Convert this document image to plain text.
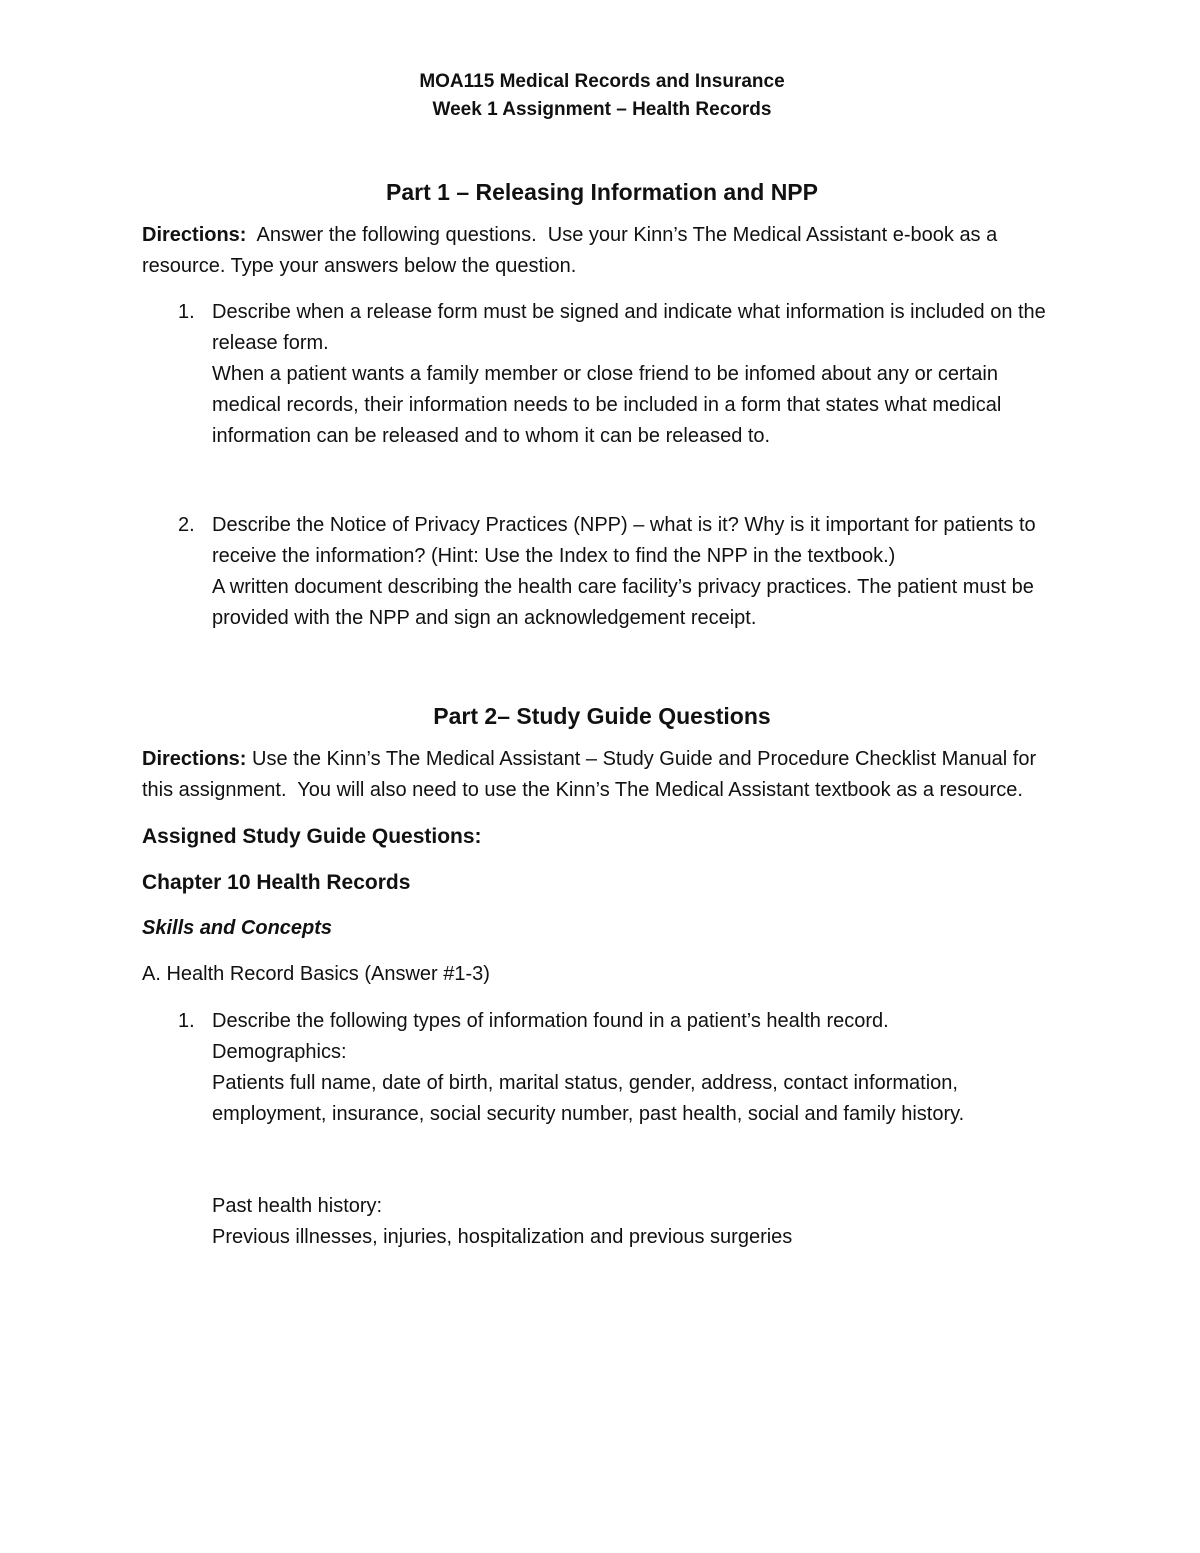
MOA115 Medical Records and Insurance
Week 1 Assignment – Health Records
Part 1 – Releasing Information and NPP

Directions:  Answer the following questions.  Use your Kinn’s The Medical Assistant e-book as a resource. Type your answers below the question.

1. Describe when a release form must be signed and indicate what information is included on the release form.
When a patient wants a family member or close friend to be infomed about any or certain medical records, their information needs to be included in a form that states what medical information can be released and to whom it can be released to.
2. Describe the Notice of Privacy Practices (NPP) – what is it? Why is it important for patients to receive the information? (Hint: Use the Index to find the NPP in the textbook.)
A written document describing the health care facility’s privacy practices. The patient must be provided with the NPP and sign an acknowledgement receipt.
Part 2– Study Guide Questions

Directions: Use the Kinn’s The Medical Assistant – Study Guide and Procedure Checklist Manual for this assignment.  You will also need to use the Kinn’s The Medical Assistant textbook as a resource.

Assigned Study Guide Questions:

Chapter 10 Health Records

Skills and Concepts

A. Health Record Basics (Answer #1-3)

1. Describe the following types of information found in a patient’s health record.
Demographics:
Patients full name, date of birth, marital status, gender, address, contact information, employment, insurance, social security number, past health, social and family history.
Past health history:
Previous illnesses, injuries, hospitalization and previous surgeries
